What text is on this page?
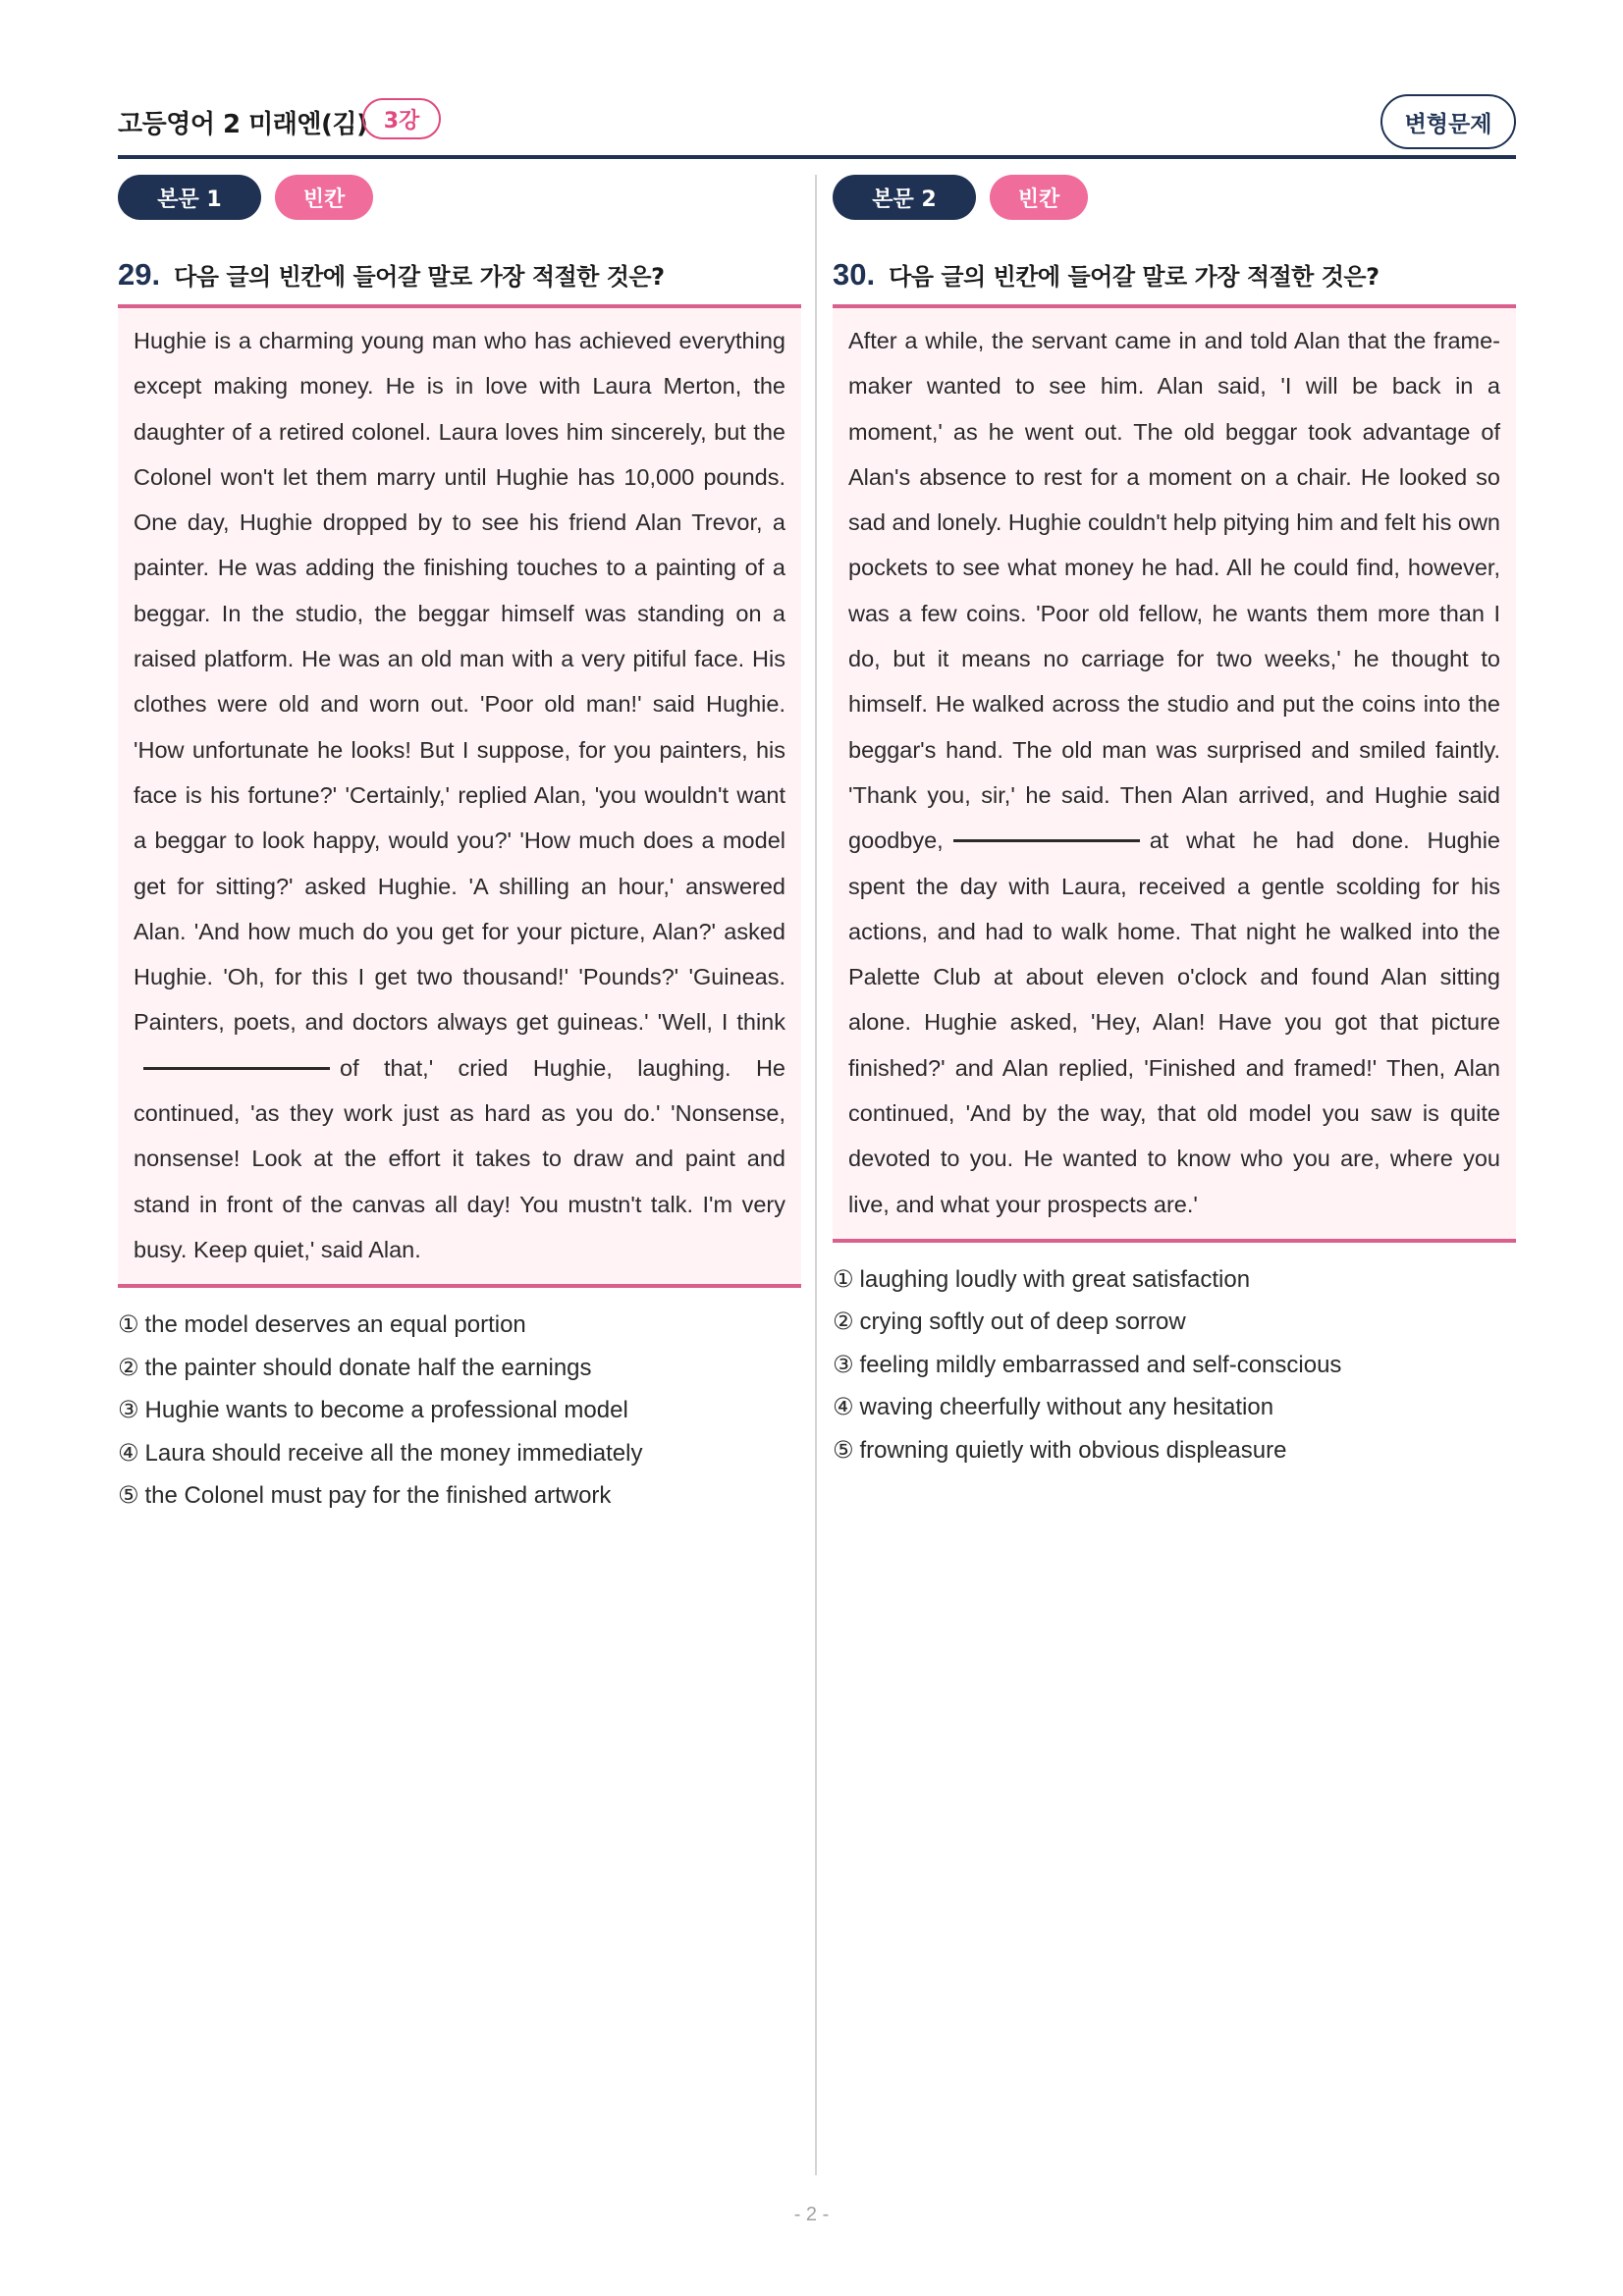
고등영어 2 미래엔(김) 3강	변형문제
본문 1	빈칸
29. 다음 글의 빈칸에 들어갈 말로 가장 적절한 것은?

Hughie is a charming young man who has achieved everything except making money. He is in love with Laura Merton, the daughter of a retired colonel. Laura loves him sincerely, but the Colonel won't let them marry until Hughie has 10,000 pounds. One day, Hughie dropped by to see his friend Alan Trevor, a painter. He was adding the finishing touches to a painting of a beggar. In the studio, the beggar himself was standing on a raised platform. He was an old man with a very pitiful face. His clothes were old and worn out. 'Poor old man!' said Hughie. 'How unfortunate he looks! But I suppose, for you painters, his face is his fortune?' 'Certainly,' replied Alan, 'you wouldn't want a beggar to look happy, would you?' 'How much does a model get for sitting?' asked Hughie. 'A shilling an hour,' answered Alan. 'And how much do you get for your picture, Alan?' asked Hughie. 'Oh, for this I get two thousand!' 'Pounds?' 'Guineas. Painters, poets, and doctors always get guineas.' 'Well, I thinkof that,' cried Hughie, laughing. He continued, 'as they work just as hard as you do.' 'Nonsense, nonsense! Look at the effort it takes to draw and paint and stand in front of the canvas all day! You mustn't talk. I'm very busy. Keep quiet,' said Alan.

① the model deserves an equal portion
② the painter should donate half the earnings
③ Hughie wants to become a professional model
④ Laura should receive all the money immediately
⑤ the Colonel must pay for the finished artwork
본문 2	빈칸
30. 다음 글의 빈칸에 들어갈 말로 가장 적절한 것은?

After a while, the servant came in and told Alan that the frame-maker wanted to see him. Alan said, 'I will be back in a moment,' as he went out. The old beggar took advantage of Alan's absence to rest for a moment on a chair. He looked so sad and lonely. Hughie couldn't help pitying him and felt his own pockets to see what money he had. All he could find, however, was a few coins. 'Poor old fellow, he wants them more than I do, but it means no carriage for two weeks,' he thought to himself. He walked across the studio and put the coins into the beggar's hand. The old man was surprised and smiled faintly. 'Thank you, sir,' he said. Then Alan arrived, and Hughie said goodbye,	at what he had done. Hughie spent the day with Laura, received a gentle scolding for his actions, and had to walk home. That night he walked into the Palette Club at about eleven o'clock and found Alan sitting alone. Hughie asked, 'Hey, Alan! Have you got that picture finished?' and Alan replied, 'Finished and framed!' Then, Alan continued, 'And by the way, that old model you saw is quite devoted to you. He wanted to know who you are, where you live, and what your prospects are.'

① laughing loudly with great satisfaction
② crying softly out of deep sorrow
③ feeling mildly embarrassed and self-conscious
④ waving cheerfully without any hesitation
⑤ frowning quietly with obvious displeasure
- 2 -
